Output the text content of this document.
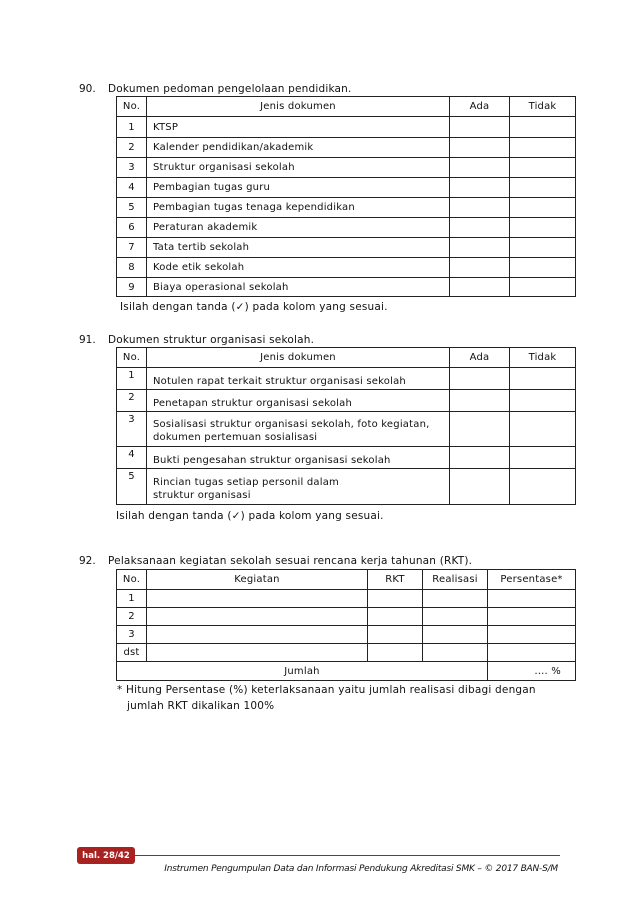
90.	Dokumen pedoman pengelolaan pendidikan.
No.	Jenis dokumen	Ada	Tidak
1	KTSP		
2	Kalender pendidikan/akademik		
3	Struktur organisasi sekolah		
4	Pembagian tugas guru		
5	Pembagian tugas tenaga kependidikan		
6	Peraturan akademik		
7	Tata tertib sekolah		
8	Kode etik sekolah		
9	Biaya operasional sekolah		
Isilah dengan tanda (✓) pada kolom yang sesuai.
91.	Dokumen struktur organisasi sekolah.
No.	Jenis dokumen	Ada	Tidak
1	Notulen rapat terkait struktur organisasi sekolah		
2	Penetapan struktur organisasi sekolah		
3	Sosialisasi struktur organisasi sekolah, foto kegiatan, dokumen pertemuan sosialisasi		
4	Bukti pengesahan struktur organisasi sekolah		
5	Rincian tugas setiap personil dalam struktur organisasi		
Isilah dengan tanda (✓) pada kolom yang sesuai.
92.	Pelaksanaan kegiatan sekolah sesuai rencana kerja tahunan (RKT).
No.	Kegiatan	RKT	Realisasi	Persentase*
1				
2				
3				
dst				
Jumlah				…. %
* Hitung Persentase (%) keterlaksanaan yaitu jumlah realisasi dibagi dengan
jumlah RKT dikalikan 100%
hal. 28/42
Instrumen Pengumpulan Data dan Informasi Pendukung Akreditasi SMK – © 2017 BAN-S/M
